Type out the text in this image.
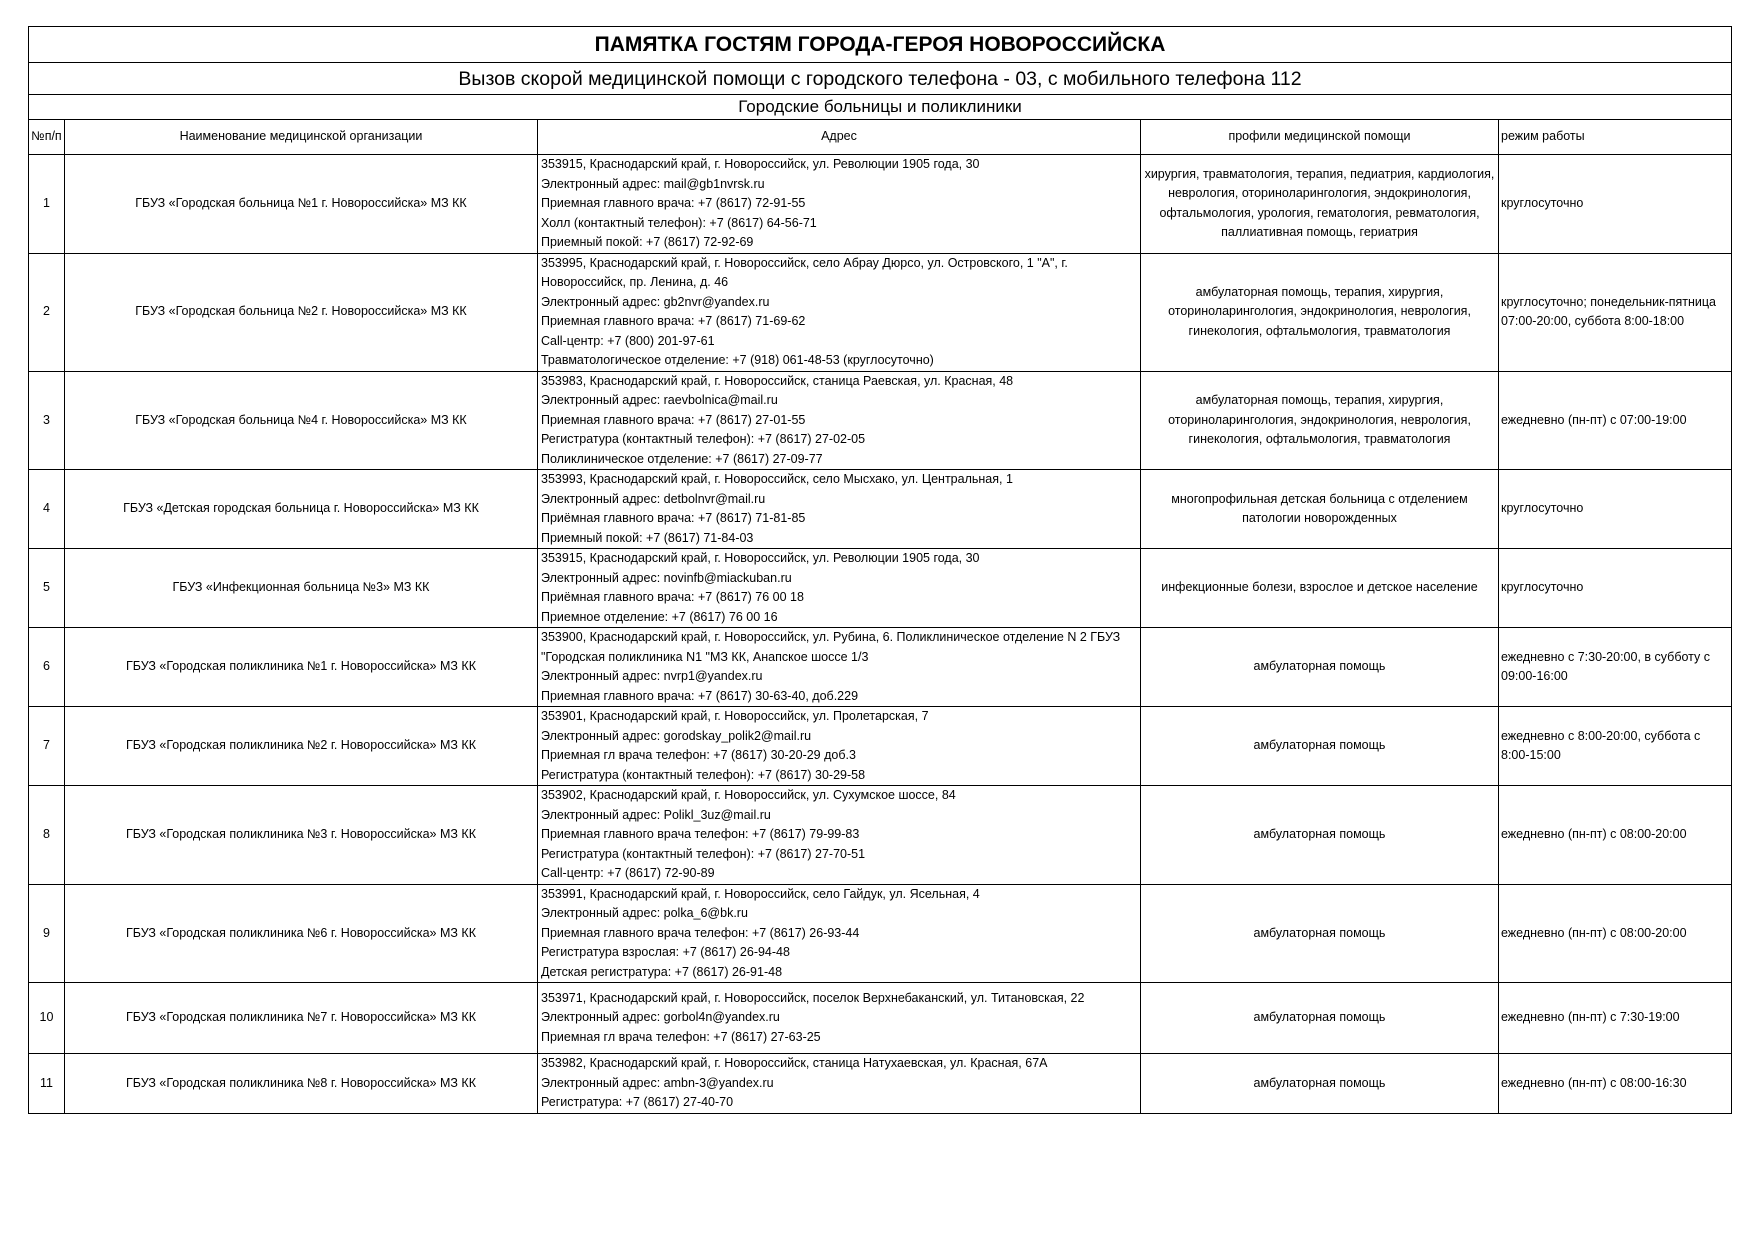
ПАМЯТКА ГОСТЯМ ГОРОДА-ГЕРОЯ НОВОРОССИЙСКА				
Вызов скорой медицинской помощи с городского телефона - 03, с мобильного телефона 112				
Городские больницы и поликлиники				
№п/п	Наименование медицинской организации	Адрес	профили медицинской помощи	режим работы
1	ГБУЗ «Городская больница №1 г. Новороссийска» МЗ КК	353915, Краснодарский край, г. Новороссийск, ул. Революции 1905 года, 30
Электронный адрес: mail@gb1nvrsk.ru
Приемная главного врача: +7 (8617) 72-91-55
Холл (контактный телефон): +7 (8617) 64-56-71
Приемный покой: +7 (8617) 72-92-69	хирургия, травматология, терапия, педиатрия, кардиология, неврология, оториноларингология, эндокринология, офтальмология, урология, гематология, ревматология, паллиативная помощь, гериатрия	круглосуточно
2	ГБУЗ «Городская больница №2 г. Новороссийска» МЗ КК	353995, Краснодарский край, г. Новороссийск, село Абрау Дюрсо, ул. Островского, 1 "А", г. Новороссийск, пр. Ленина, д. 46
Электронный адрес: gb2nvr@yandex.ru
Приемная главного врача: +7 (8617) 71-69-62
Call-центр: +7 (800) 201-97-61
Травматологическое отделение: +7 (918) 061-48-53 (круглосуточно)	амбулаторная помощь, терапия, хирургия, оториноларингология, эндокринология, неврология, гинекология, офтальмология, травматология	круглосуточно; понедельник-пятница 07:00-20:00, суббота 8:00-18:00
3	ГБУЗ «Городская больница №4 г. Новороссийска» МЗ КК	353983, Краснодарский край, г. Новороссийск, станица Раевская, ул. Красная, 48
Электронный адрес: raevbolnica@mail.ru
Приемная главного врача: +7 (8617) 27-01-55
Регистратура (контактный телефон): +7 (8617) 27-02-05
Поликлиническое отделение: +7 (8617) 27-09-77	амбулаторная помощь, терапия, хирургия, оториноларингология, эндокринология, неврология, гинекология, офтальмология, травматология	ежедневно (пн-пт) с 07:00-19:00
4	ГБУЗ «Детская городская больница г. Новороссийска» МЗ КК	353993, Краснодарский край, г. Новороссийск, село Мысхако, ул. Центральная, 1
Электронный адрес: detbolnvr@mail.ru
Приёмная главного врача: +7 (8617) 71-81-85
Приемный покой: +7 (8617) 71-84-03	многопрофильная детская больница с отделением патологии новорожденных	круглосуточно
5	ГБУЗ «Инфекционная больница №3» МЗ КК	353915, Краснодарский край, г. Новороссийск, ул. Революции 1905 года, 30
Электронный адрес: novinfb@miackuban.ru
Приёмная главного врача: +7 (8617) 76 00 18
Приемное отделение: +7 (8617) 76 00 16	инфекционные болези, взрослое и детское население	круглосуточно
6	ГБУЗ «Городская поликлиника №1 г. Новороссийска» МЗ КК	353900, Краснодарский край, г. Новороссийск, ул. Рубина, 6. Поликлиническое отделение N 2 ГБУЗ "Городская поликлиника N1 "МЗ КК, Анапское шоссе 1/3
Электронный адрес: nvrp1@yandex.ru
Приемная главного врача: +7 (8617) 30-63-40, доб.229	амбулаторная помощь	ежедневно с 7:30-20:00, в субботу с 09:00-16:00
7	ГБУЗ «Городская поликлиника №2 г. Новороссийска» МЗ КК	353901, Краснодарский край, г. Новороссийск, ул. Пролетарская, 7
Электронный адрес: gorodskay_polik2@mail.ru
Приемная гл врача телефон: +7 (8617) 30-20-29 доб.3
Регистратура (контактный телефон): +7 (8617) 30-29-58	амбулаторная помощь	ежедневно с 8:00-20:00, суббота с 8:00-15:00
8	ГБУЗ «Городская поликлиника №3 г. Новороссийска» МЗ КК	353902, Краснодарский край, г. Новороссийск, ул. Сухумское шоссе, 84
Электронный адрес: Polikl_3uz@mail.ru
Приемная главного врача телефон: +7 (8617) 79-99-83
Регистратура (контактный телефон): +7 (8617) 27-70-51
Call-центр: +7 (8617) 72-90-89	амбулаторная помощь	ежедневно (пн-пт) с 08:00-20:00
9	ГБУЗ «Городская поликлиника №6 г. Новороссийска» МЗ КК	353991, Краснодарский край, г. Новороссийск, село Гайдук, ул. Ясельная, 4
Электронный адрес: polka_6@bk.ru
Приемная главного врача телефон: +7 (8617) 26-93-44
Регистратура взрослая: +7 (8617) 26-94-48
Детская регистратура: +7 (8617) 26-91-48	амбулаторная помощь	ежедневно (пн-пт) с 08:00-20:00
10	ГБУЗ «Городская поликлиника №7 г. Новороссийска» МЗ КК	353971, Краснодарский край, г. Новороссийск, поселок Верхнебаканский, ул. Титановская, 22
Электронный адрес: gorbol4n@yandex.ru
Приемная гл врача телефон: +7 (8617) 27-63-25	амбулаторная помощь	ежедневно (пн-пт) с 7:30-19:00
11	ГБУЗ «Городская поликлиника №8 г. Новороссийска» МЗ КК	353982, Краснодарский край, г. Новороссийск, станица Натухаевская, ул. Красная, 67А
Электронный адрес: ambn-3@yandex.ru
Регистратура: +7 (8617) 27-40-70	амбулаторная помощь	ежедневно (пн-пт) с 08:00-16:30
